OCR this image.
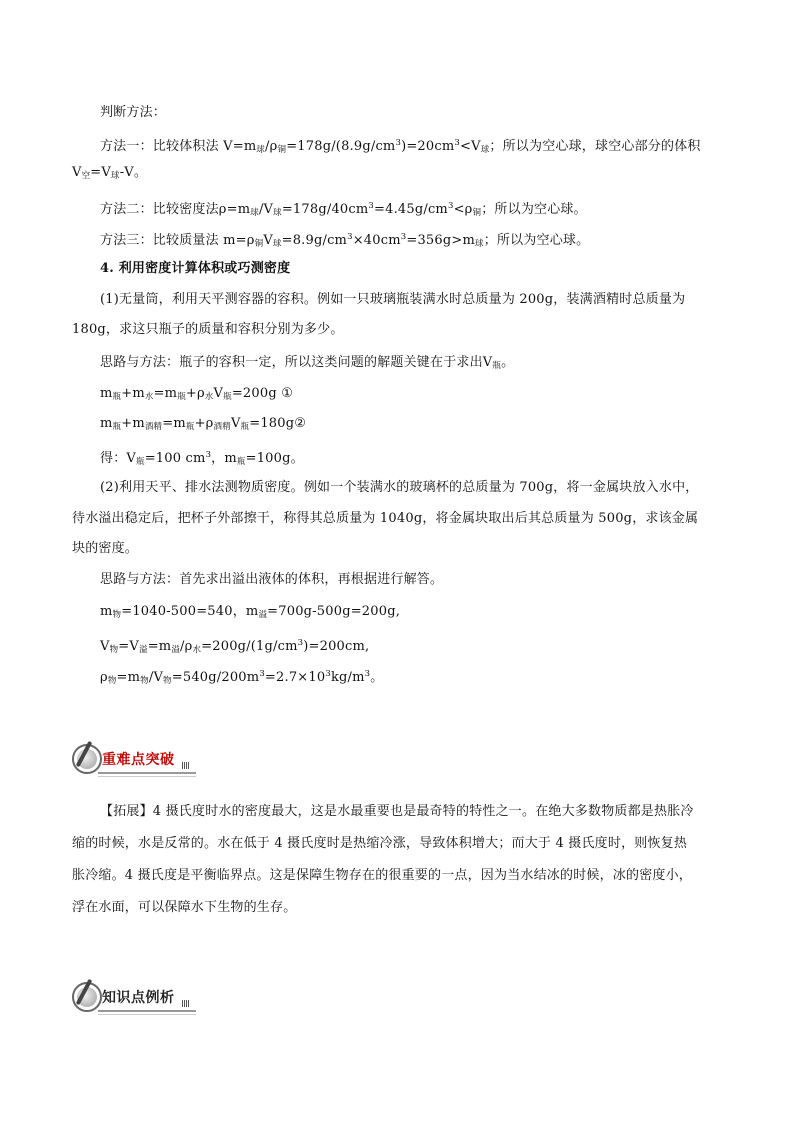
判断方法：
方法一：比较体积法 $V=m_球/\rho_铜=178g/(8.9g/cm^3)=20cm^3<V_球$；所以为空心球，球空心部分的体积
$V_空=V_球-V$。
方法二：比较密度法$\rho=m_球/V_球=178g/40cm^3=4.45g/cm^3<\rho_铜$；所以为空心球。
方法三：比较质量法 $m=\rho_铜V_球=8.9g/cm^3\times 40cm^3=356g>m_球$；所以为空心球。
4. 利用密度计算体积或巧测密度
(1)无量筒，利用天平测容器的容积。例如一只玻璃瓶装满水时总质量为 200g，装满酒精时总质量为
180g，求这只瓶子的质量和容积分别为多少。
思路与方法：瓶子的容积一定，所以这类问题的解题关键在于求出$V_瓶$。
$m_瓶+m_水=m_瓶+\rho_水V_瓶=200g$ ①
$m_瓶+m_{酒精}=m_瓶+\rho_{酒精}V_瓶=180g②$
得：$V_瓶=100$ $cm^3$，$m_瓶=100g$。
(2)利用天平、排水法测物质密度。例如一个装满水的玻璃杯的总质量为 700g，将一金属块放入水中，
待水溢出稳定后，把杯子外部擦干，称得其总质量为 1040g，将金属块取出后其总质量为 500g，求该金属
块的密度。
思路与方法：首先求出溢出液体的体积，再根据进行解答。
$m_物=1040-500=540$，$m_溢=700g-500g=200g$,
$V_物=V_溢=m_溢/\rho_水=200g/(1g/cm^3)=200cm$,
$\rho_物=m_物/V_物=540g/200m^3=2.7\times 10^3kg/m^3$。
重难点突破
【拓展】4 摄氏度时水的密度最大，这是水最重要也是最奇特的特性之一。在绝大多数物质都是热胀冷
缩的时候，水是反常的。水在低于 4 摄氏度时是热缩冷涨，导致体积增大；而大于 4 摄氏度时，则恢复热
胀冷缩。4 摄氏度是平衡临界点。这是保障生物存在的很重要的一点，因为当水结冰的时候，冰的密度小，
浮在水面，可以保障水下生物的生存。
知识点例析
